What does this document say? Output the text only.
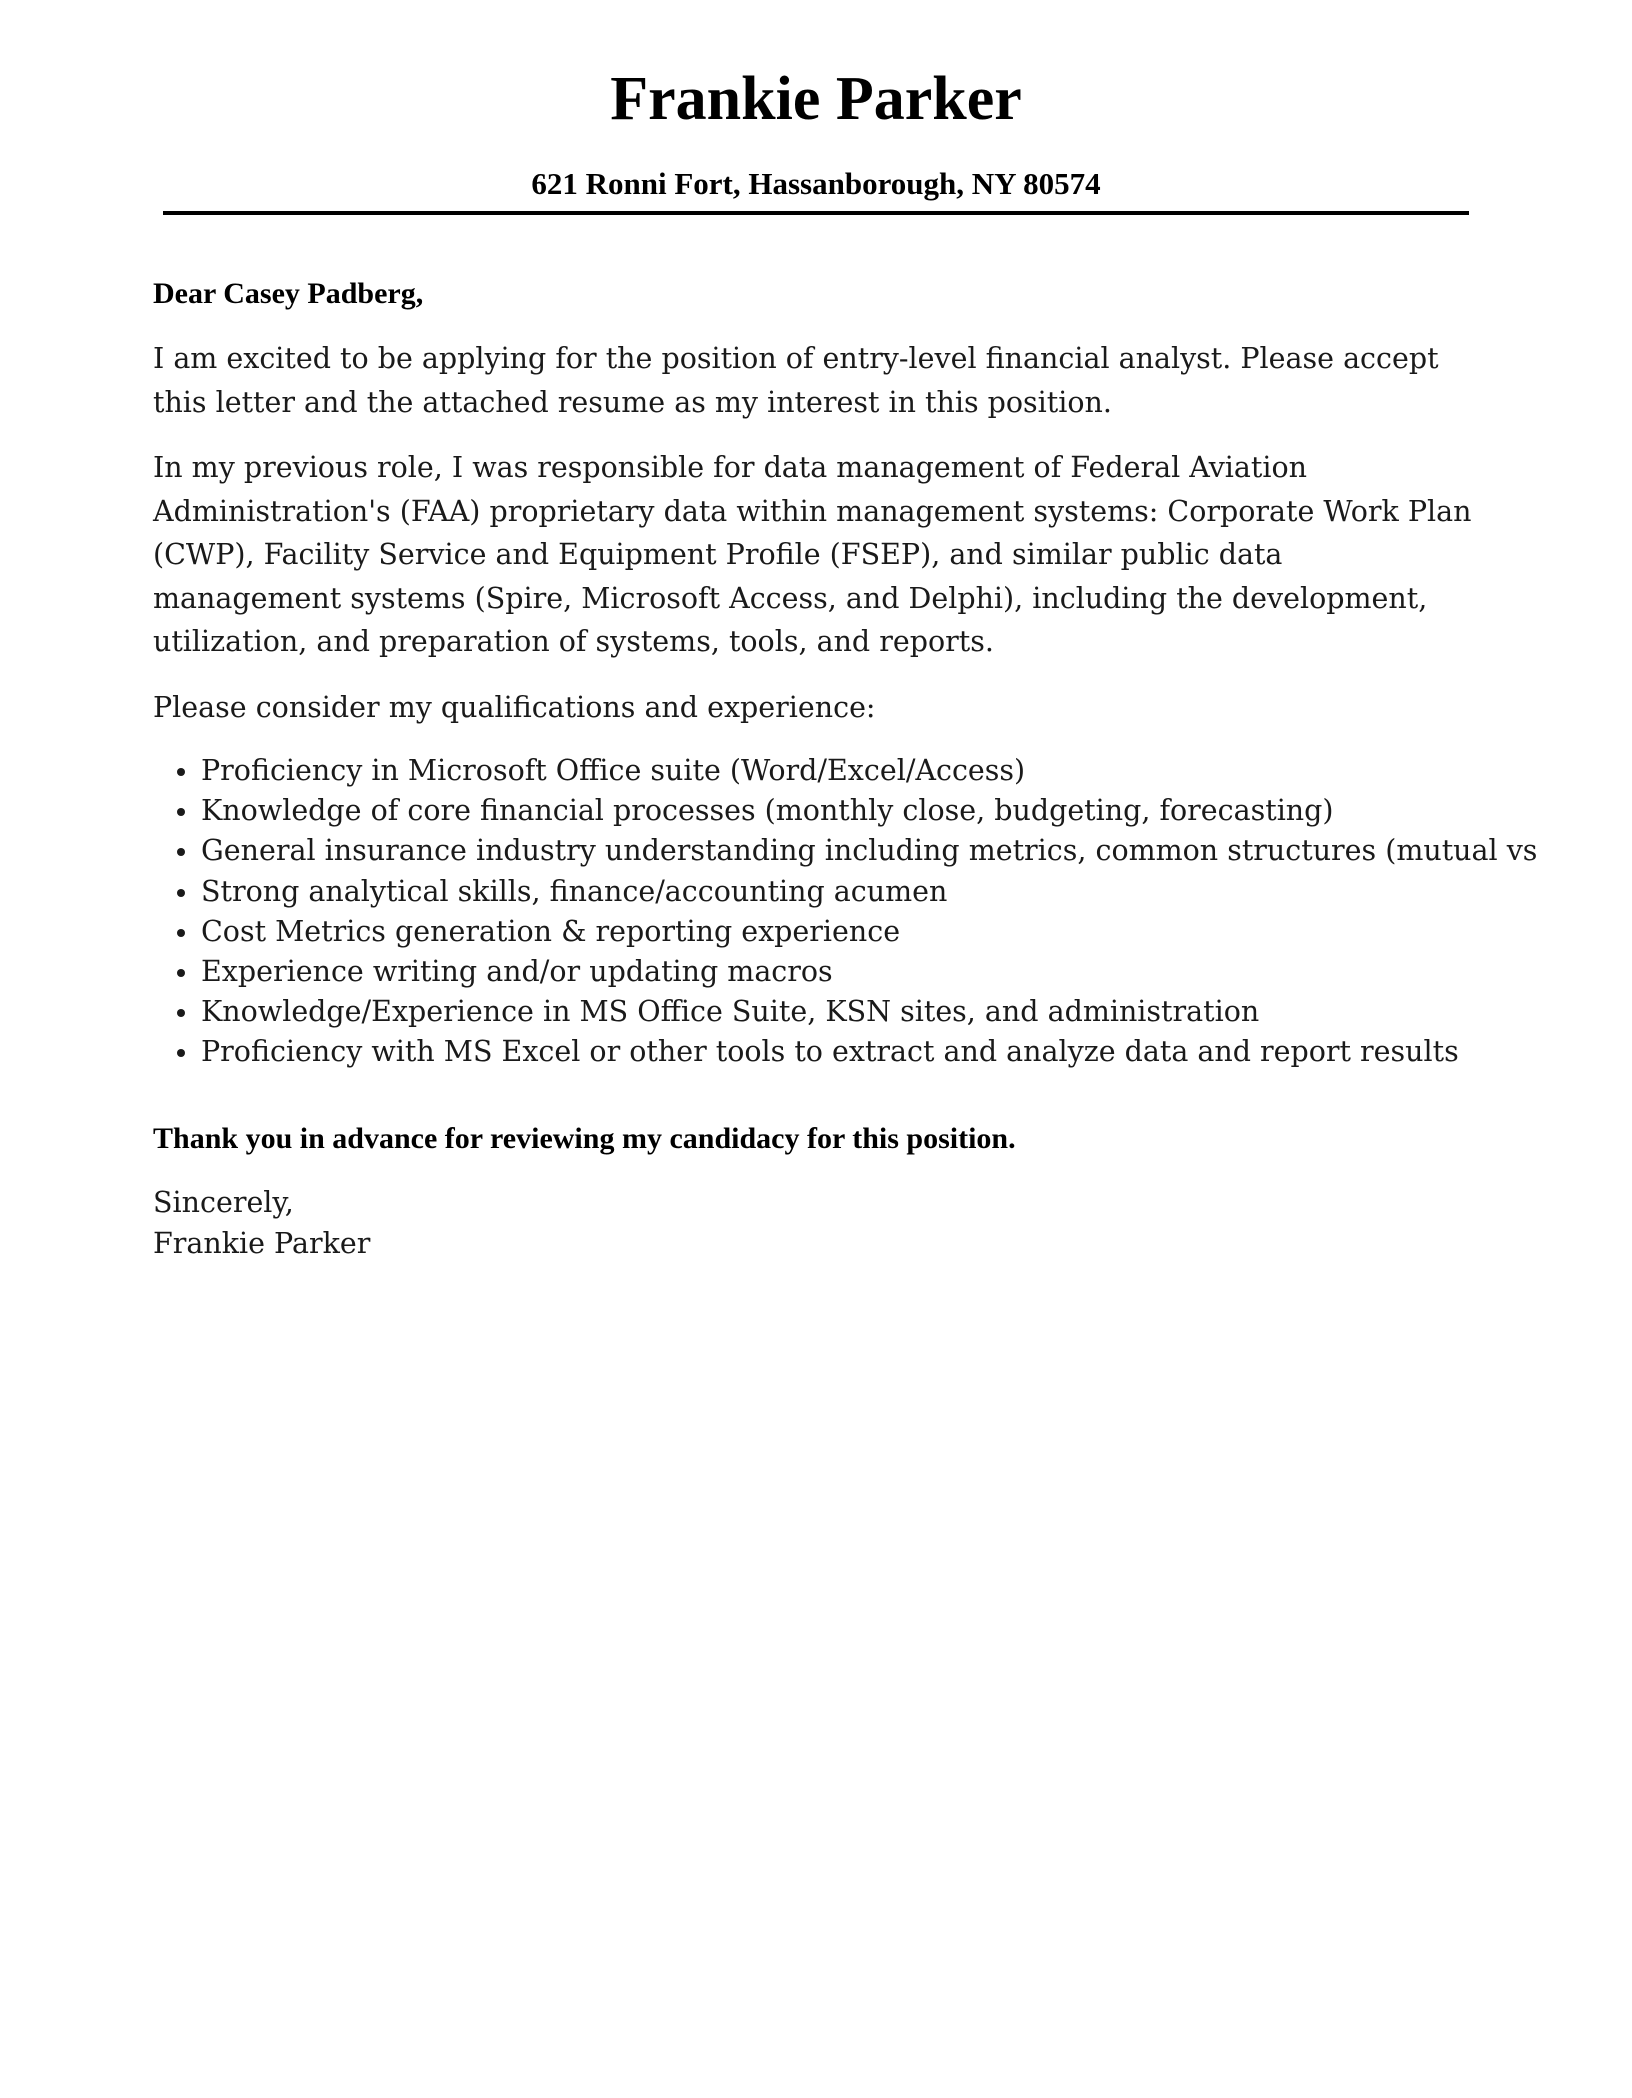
Frankie Parker
621 Ronni Fort, Hassanborough, NY 80574

Dear Casey Padberg,

I am excited to be applying for the position of entry-level financial analyst. Please accept this letter and the attached resume as my interest in this position.

In my previous role, I was responsible for data management of Federal Aviation Administration's (FAA) proprietary data within management systems: Corporate Work Plan (CWP), Facility Service and Equipment Profile (FSEP), and similar public data management systems (Spire, Microsoft Access, and Delphi), including the development, utilization, and preparation of systems, tools, and reports.

Please consider my qualifications and experience:

Proficiency in Microsoft Office suite (Word/Excel/Access)
Knowledge of core financial processes (monthly close, budgeting, forecasting)
General insurance industry understanding including metrics, common structures (mutual vs
Strong analytical skills, finance/accounting acumen
Cost Metrics generation & reporting experience
Experience writing and/or updating macros
Knowledge/Experience in MS Office Suite, KSN sites, and administration
Proficiency with MS Excel or other tools to extract and analyze data and report results

Thank you in advance for reviewing my candidacy for this position.

Sincerely,
Frankie Parker
